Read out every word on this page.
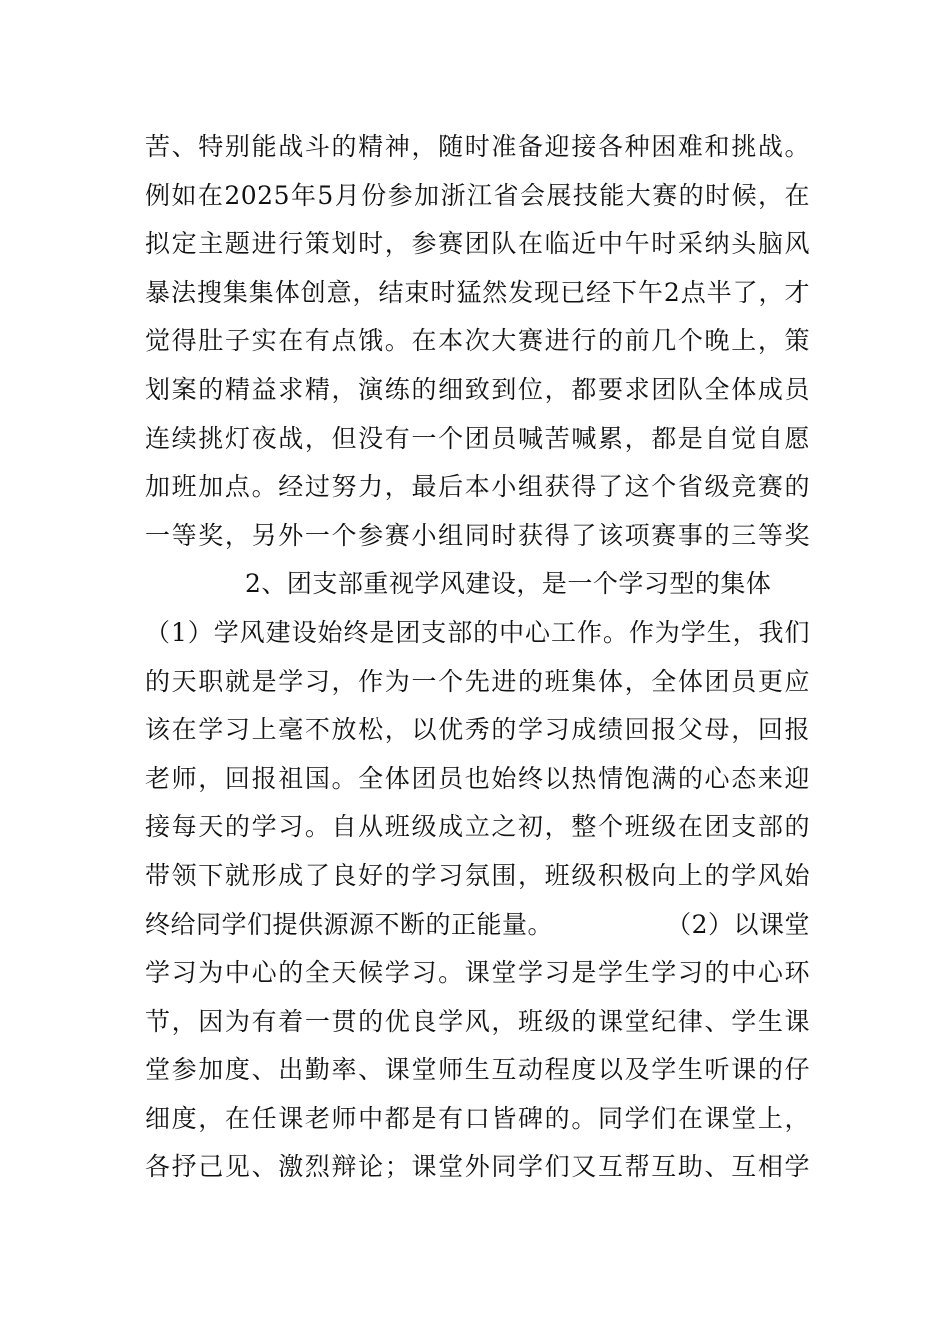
苦、特别能战斗的精神，随时准备迎接各种困难和挑战。
例如在2025年5月份参加浙江省会展技能大赛的时候，在
拟定主题进行策划时，参赛团队在临近中午时采纳头脑风
暴法搜集集体创意，结束时猛然发现已经下午2点半了，才
觉得肚子实在有点饿。在本次大赛进行的前几个晚上，策
划案的精益求精，演练的细致到位，都要求团队全体成员
连续挑灯夜战，但没有一个团员喊苦喊累，都是自觉自愿
加班加点。经过努力，最后本小组获得了这个省级竞赛的
一等奖，另外一个参赛小组同时获得了该项赛事的三等奖
2、团支部重视学风建设，是一个学习型的集体
（1）学风建设始终是团支部的中心工作。作为学生，我们
的天职就是学习，作为一个先进的班集体，全体团员更应
该在学习上毫不放松，以优秀的学习成绩回报父母，回报
老师，回报祖国。全体团员也始终以热情饱满的心态来迎
接每天的学习。自从班级成立之初，整个班级在团支部的
带领下就形成了良好的学习氛围，班级积极向上的学风始
终给同学们提供源源不断的正能量。	（2）以课堂
学习为中心的全天候学习。课堂学习是学生学习的中心环
节，因为有着一贯的优良学风，班级的课堂纪律、学生课
堂参加度、出勤率、课堂师生互动程度以及学生听课的仔
细度，在任课老师中都是有口皆碑的。同学们在课堂上，
各抒己见、激烈辩论；课堂外同学们又互帮互助、互相学
